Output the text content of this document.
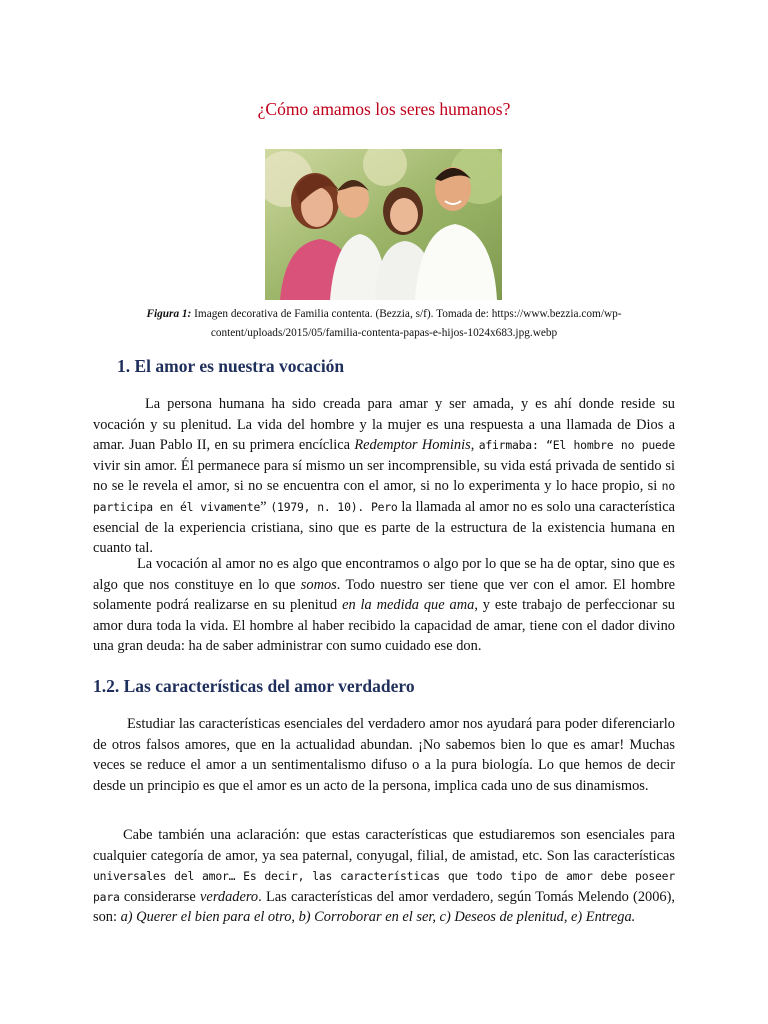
¿Cómo amamos los seres humanos?
Figura 1: Imagen decorativa de Familia contenta. (Bezzia, s/f). Tomada de: https://www.bezzia.com/wp-content/uploads/2015/05/familia-contenta-papas-e-hijos-1024x683.jpg.webp
1. El amor es nuestra vocación

La persona humana ha sido creada para amar y ser amada, y es ahí donde reside su vocación y su plenitud. La vida del hombre y la mujer es una respuesta a una llamada de Dios a amar. Juan Pablo II, en su primera encíclica Redemptor Hominis, afirmaba: “El hombre no puede vivir sin amor. Él permanece para sí mismo un ser incomprensible, su vida está privada de sentido si no se le revela el amor, si no se encuentra con el amor, si no lo experimenta y lo hace propio, si no participa en él vivamente” (1979, n. 10). Pero la llamada al amor no es solo una característica esencial de la experiencia cristiana, sino que es parte de la estructura de la existencia humana en cuanto tal.

La vocación al amor no es algo que encontramos o algo por lo que se ha de optar, sino que es algo que nos constituye en lo que somos. Todo nuestro ser tiene que ver con el amor. El hombre solamente podrá realizarse en su plenitud en la medida que ama, y este trabajo de perfeccionar su amor dura toda la vida. El hombre al haber recibido la capacidad de amar, tiene con el dador divino una gran deuda: ha de saber administrar con sumo cuidado ese don.

1.2. Las características del amor verdadero

Estudiar las características esenciales del verdadero amor nos ayudará para poder diferenciarlo de otros falsos amores, que en la actualidad abundan. ¡No sabemos bien lo que es amar! Muchas veces se reduce el amor a un sentimentalismo difuso o a la pura biología. Lo que hemos de decir desde un principio es que el amor es un acto de la persona, implica cada uno de sus dinamismos.

Cabe también una aclaración: que estas características que estudiaremos son esenciales para cualquier categoría de amor, ya sea paternal, conyugal, filial, de amistad, etc. Son las características universales del amor… Es decir, las características que todo tipo de amor debe poseer para considerarse verdadero. Las características del amor verdadero, según Tomás Melendo (2006), son: a) Querer el bien para el otro, b) Corroborar en el ser, c) Deseos de plenitud, e) Entrega.
